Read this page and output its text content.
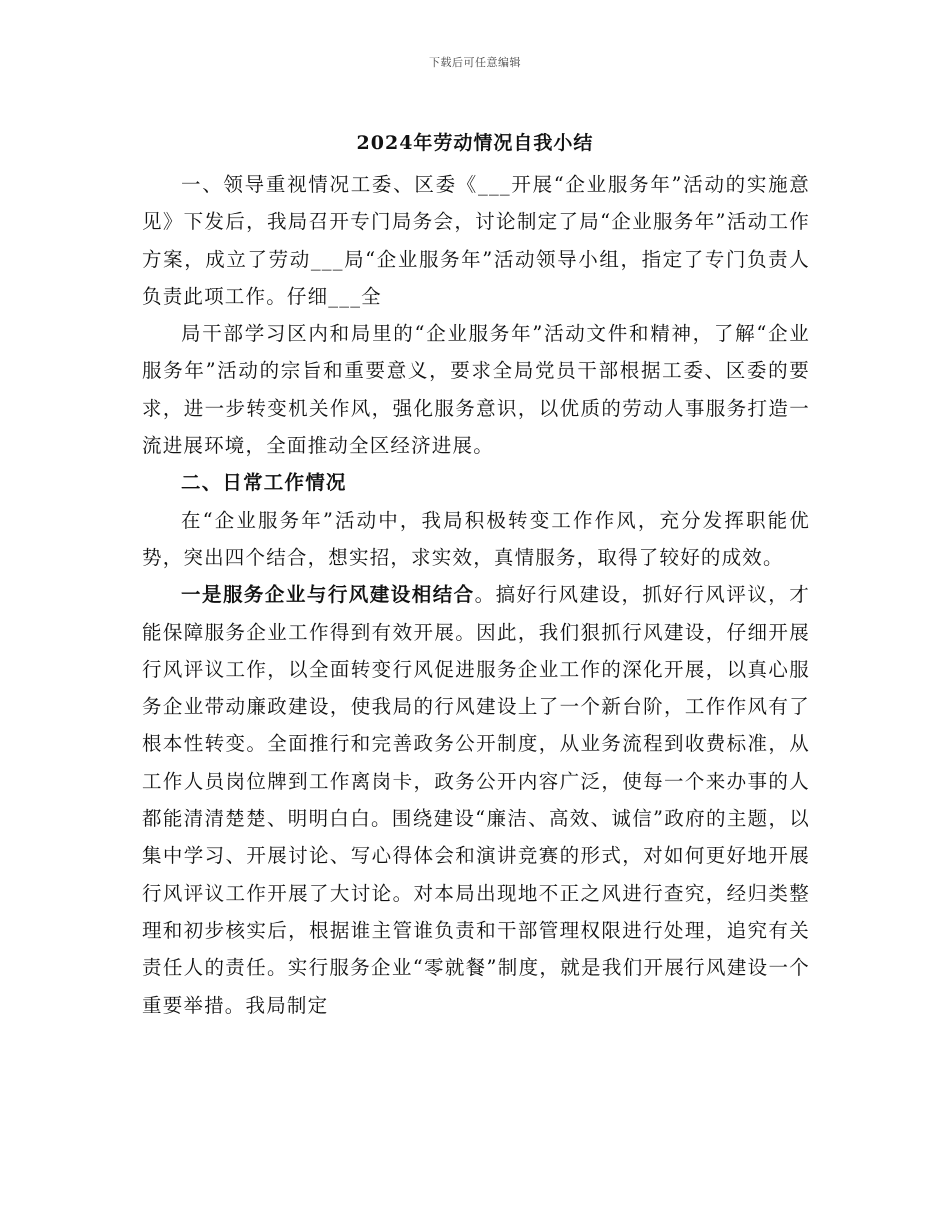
下载后可任意编辑
2024年劳动情况自我小结

一、领导重视情况工委、区委《___开展“企业服务年”活动的实施意见》下发后，我局召开专门局务会，讨论制定了局“企业服务年”活动工作方案，成立了劳动___局“企业服务年”活动领导小组，指定了专门负责人负责此项工作。仔细___全

局干部学习区内和局里的“企业服务年”活动文件和精神，了解“企业服务年”活动的宗旨和重要意义，要求全局党员干部根据工委、区委的要求，进一步转变机关作风，强化服务意识，以优质的劳动人事服务打造一流进展环境，全面推动全区经济进展。

二、日常工作情况

在“企业服务年”活动中，我局积极转变工作作风，充分发挥职能优势，突出四个结合，想实招，求实效，真情服务，取得了较好的成效。

一是服务企业与行风建设相结合。搞好行风建设，抓好行风评议，才能保障服务企业工作得到有效开展。因此，我们狠抓行风建设，仔细开展行风评议工作，以全面转变行风促进服务企业工作的深化开展，以真心服务企业带动廉政建设，使我局的行风建设上了一个新台阶，工作作风有了根本性转变。全面推行和完善政务公开制度，从业务流程到收费标准，从工作人员岗位牌到工作离岗卡，政务公开内容广泛，使每一个来办事的人都能清清楚楚、明明白白。围绕建设“廉洁、高效、诚信”政府的主题，以集中学习、开展讨论、写心得体会和演讲竞赛的形式，对如何更好地开展行风评议工作开展了大讨论。对本局出现地不正之风进行查究，经归类整理和初步核实后，根据谁主管谁负责和干部管理权限进行处理，追究有关责任人的责任。实行服务企业“零就餐”制度，就是我们开展行风建设一个重要举措。我局制定
